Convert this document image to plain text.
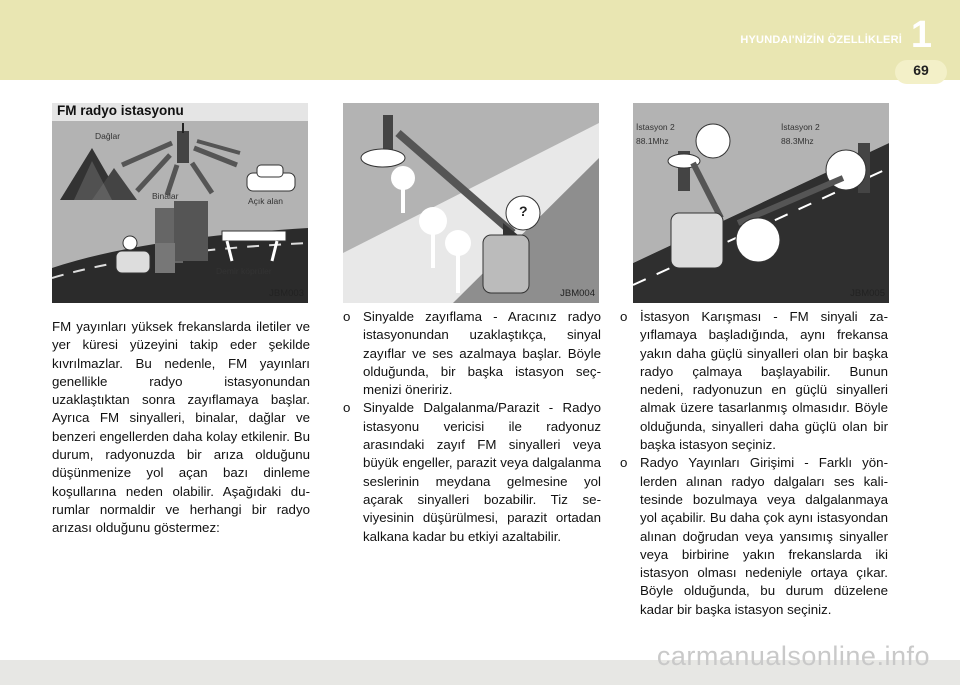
HYUNDAI'NİZİN ÖZELLİKLERİ 1
69
FM radyo istasyonu
Dağlar
Binalar	Açık alan
Demir köprüler
JBM003
?
JBM004
İstasyon 2
88.1Mhz
İstasyon 2
88.3Mhz
JBM005

FM yayınları yüksek frekanslarda iletiler ve yer küresi yüzeyini takip eder şekilde kıvrılmazlar. Bu nedenle, FM yayınları genellikle radyo istasyonundan uzaklaştıktan sonra zayıflamaya başlar. Ayrıca FM sinyalleri, binalar, dağlar ve benzeri engellerden daha kolay etkilenir. Bu durum, radyonuzda bir arıza olduğunu düşünmenize yol açan bazı dinleme koşullarına neden olabilir. Aşağıdaki durumlar normaldir ve herhangi bir radyo arızası olduğunu göstermez:

o Sinyalde zayıflama - Aracınız radyo istasyonundan uzaklaştıkça, sinyal zayıflar ve ses azalmaya başlar. Böyle olduğunda, bir başka istasyon seçmenizi öneririz.
o Sinyalde Dalgalanma/Parazit - Radyo istasyonu vericisi ile radyonuz arasındaki zayıf FM sinyalleri veya büyük engeller, parazit veya dalgalanma seslerinin meydana gelmesine yol açarak sinyalleri bozabilir. Tiz seviyesinin düşürülmesi, parazit ortadan kalkana kadar bu etkiyi azaltabilir.
o İstasyon Karışması - FM sinyali zayıflamaya başladığında, aynı frekansa yakın daha güçlü sinyalleri olan bir başka radyo çalmaya başlayabilir. Bunun nedeni, radyonuzun en güçlü sinyalleri almak üzere tasarlanmış olmasıdır. Böyle olduğunda, sinyalleri daha güçlü olan bir başka istasyon seçiniz.
o Radyo Yayınları Girişimi - Farklı yönlerden alınan radyo dalgaları ses kalitesinde bozulmaya veya dalgalanmaya yol açabilir. Bu daha çok aynı istasyondan alınan doğrudan veya yansımış sinyaller veya birbirine yakın frekanslarda iki istasyon olması nedeniyle ortaya çıkar. Böyle olduğunda, bu durum düzelene kadar bir başka istasyon seçiniz.
carmanualsonline.info
